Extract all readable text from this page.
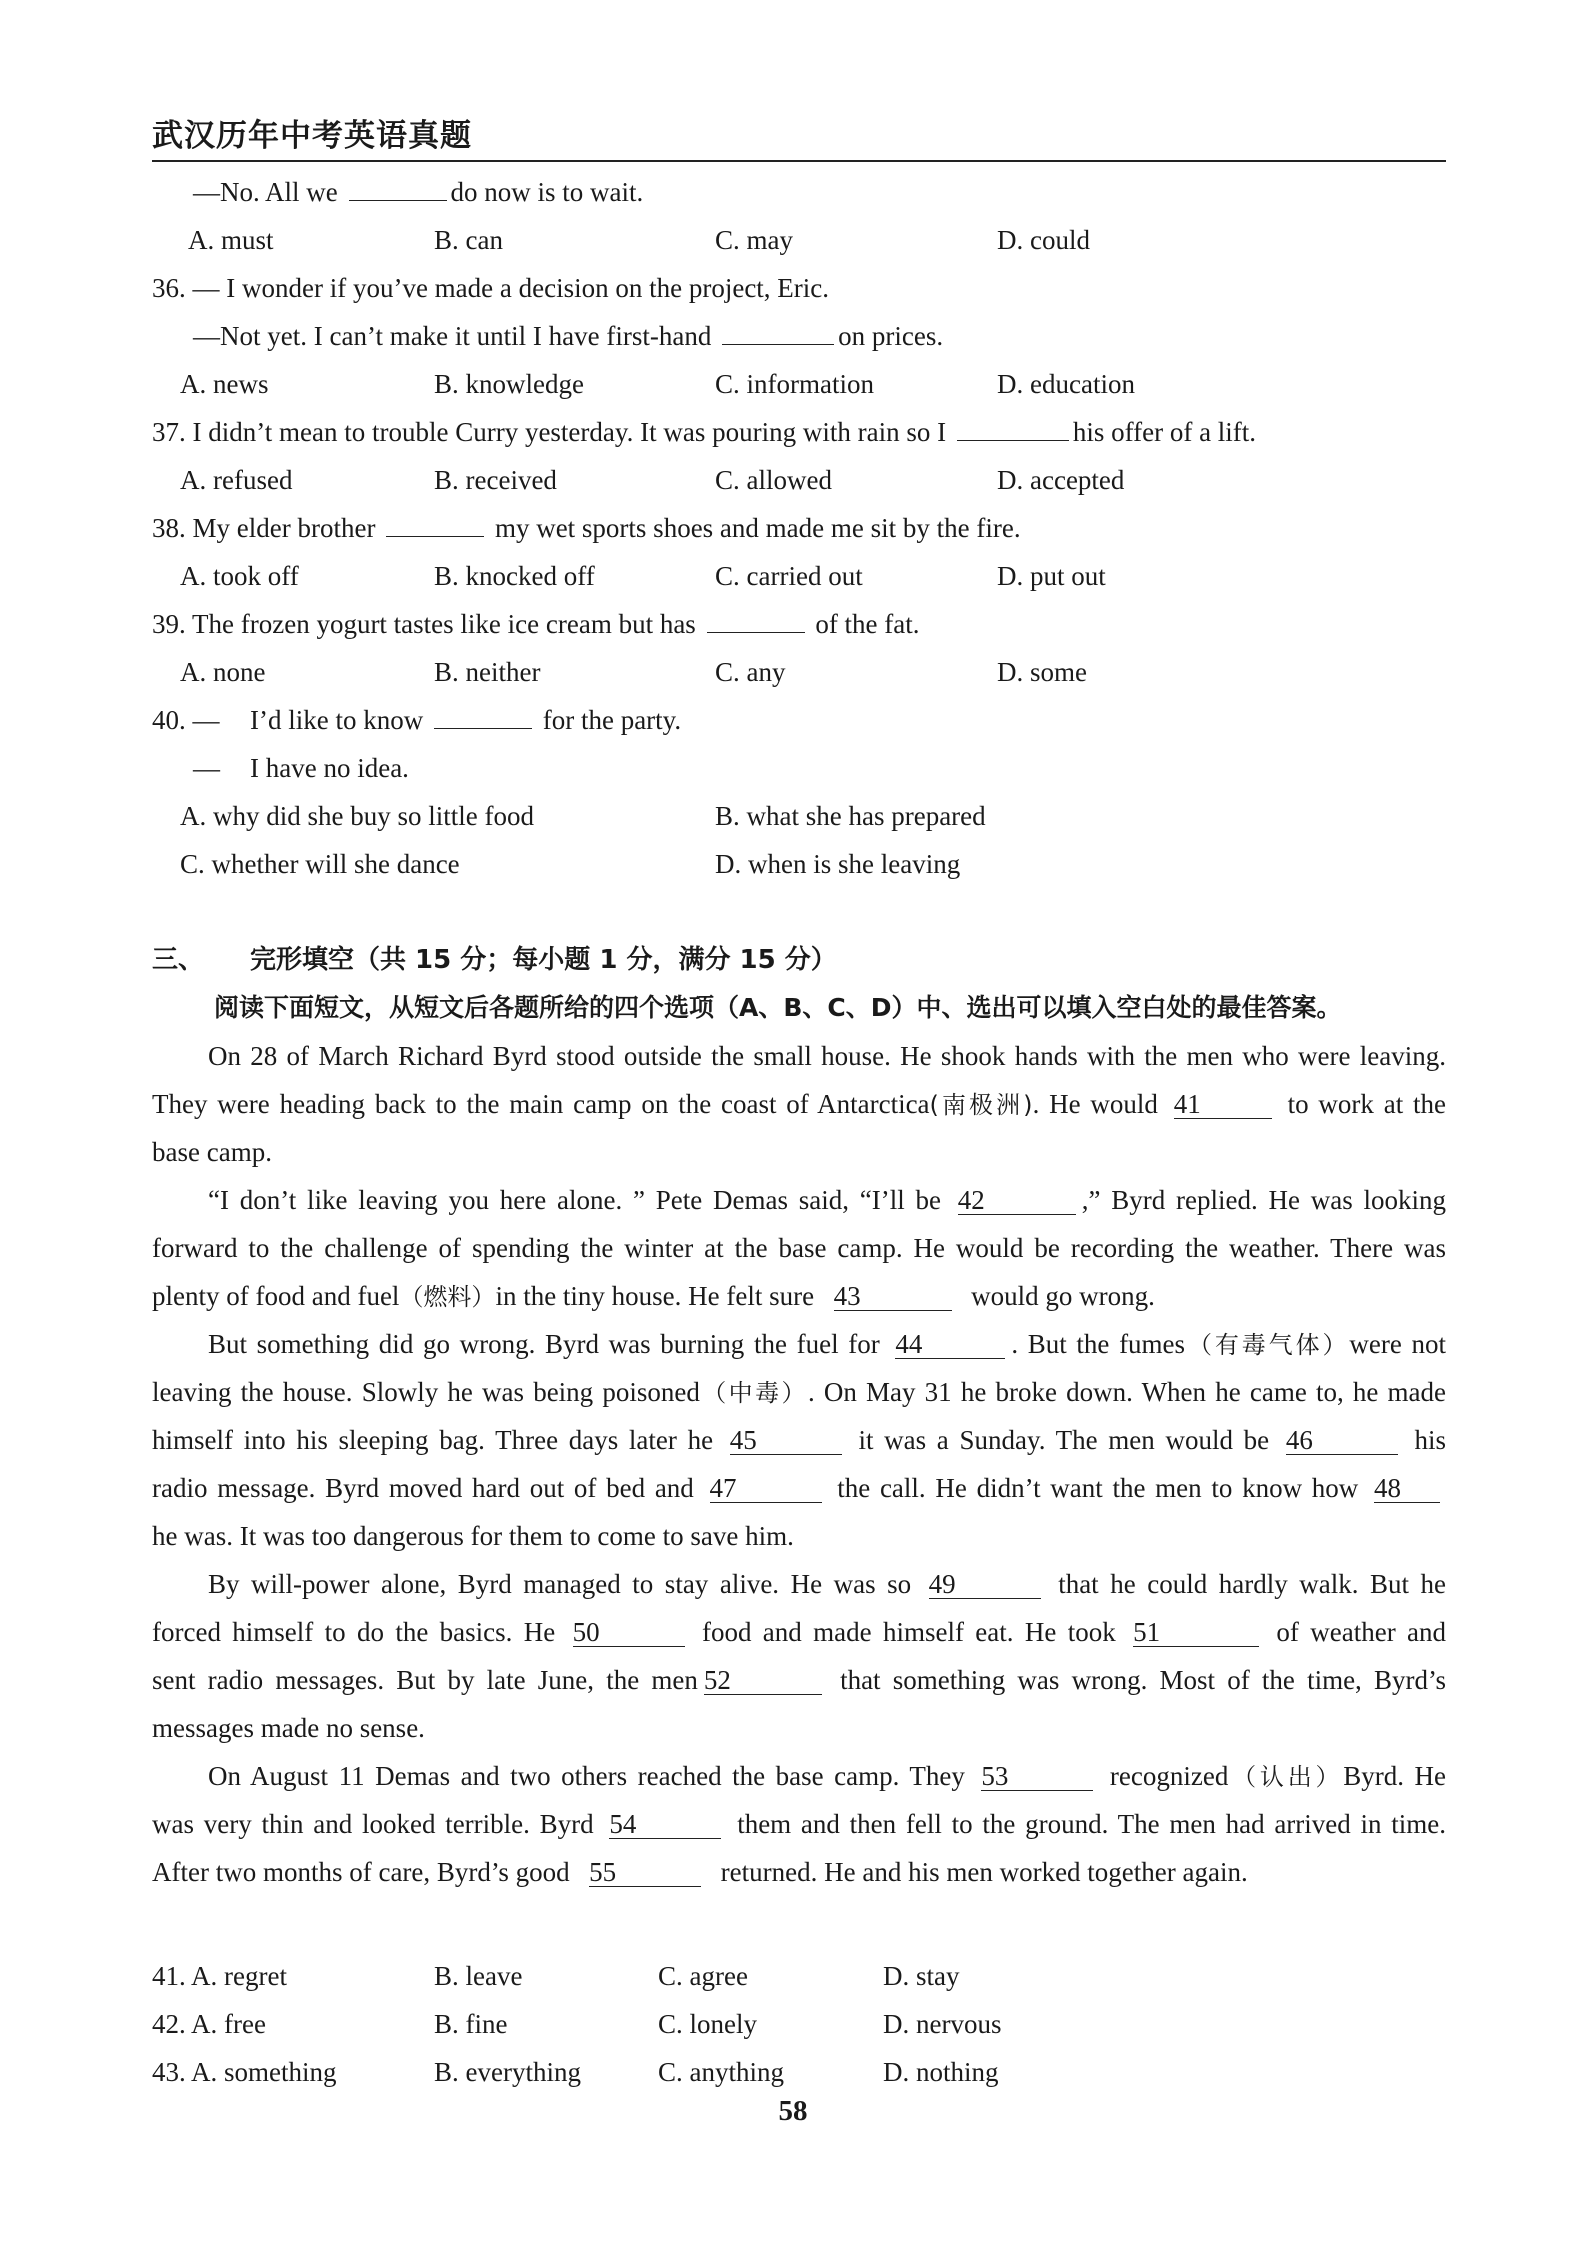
武汉历年中考英语真题
—No. All we	do now is to wait.
A. must	B. can	C. may	D. could
36. — I wonder if you’ve made a decision on the project, Eric.
—Not yet. I can’t make it until I have first-hand	on prices.
A. news	B. knowledge	C. information	D. education
37. I didn’t mean to trouble Curry yesterday. It was pouring with rain so I	his offer of a lift.
A. refused	B. received	C. allowed	D. accepted
38. My elder brother	my wet sports shoes and made me sit by the fire.
A. took off	B. knocked off	C. carried out	D. put out
39. The frozen yogurt tastes like ice cream but has	of the fat.
A. none	B. neither	C. any	D. some
40. — I’d like to know	for the party.
— I have no idea.
A. why did she buy so little food	B. what she has prepared
C. whether will she dance	D. when is she leaving
三、 完形填空（共 15 分；每小题 1 分，满分 15 分）
阅读下面短文，从短文后各题所给的四个选项（A、B、C、D）中、选出可以填入空白处的最佳答案。
On 28 of March Richard Byrd stood outside the small house. He shook hands with the men who were leaving.
They were heading back to the main camp on the coast of Antarctica(南极洲). He would 41	to work at the
base camp.
“I don’t like leaving you here alone. ” Pete Demas said, “I’ll be 42	,” Byrd replied. He was looking
forward to the challenge of spending the winter at the base camp. He would be recording the weather. There was
plenty of food and fuel（燃料）in the tiny house. He felt sure 43	would go wrong.
But something did go wrong. Byrd was burning the fuel for 44	. But the fumes（有毒气体）were not
leaving the house. Slowly he was being poisoned（中毒）. On May 31 he broke down. When he came to, he made
himself into his sleeping bag. Three days later he 45	it was a Sunday. The men would be 46	his
radio message. Byrd moved hard out of bed and 47	the call. He didn’t want the men to know how 48
he was. It was too dangerous for them to come to save him.
By will-power alone, Byrd managed to stay alive. He was so 49	that he could hardly walk. But he
forced himself to do the basics. He 50	food and made himself eat. He took 51	of weather and
sent radio messages. But by late June, the men 52	that something was wrong. Most of the time, Byrd’s
messages made no sense.
On August 11 Demas and two others reached the base camp. They 53	recognized（认出）Byrd. He
was very thin and looked terrible. Byrd 54	them and then fell to the ground. The men had arrived in time.
After two months of care, Byrd’s good 55	returned. He and his men worked together again.
41. A. regret	B. leave	C. agree	D. stay
42. A. free	B. fine	C. lonely	D. nervous
43. A. something	B. everything	C. anything	D. nothing
58
